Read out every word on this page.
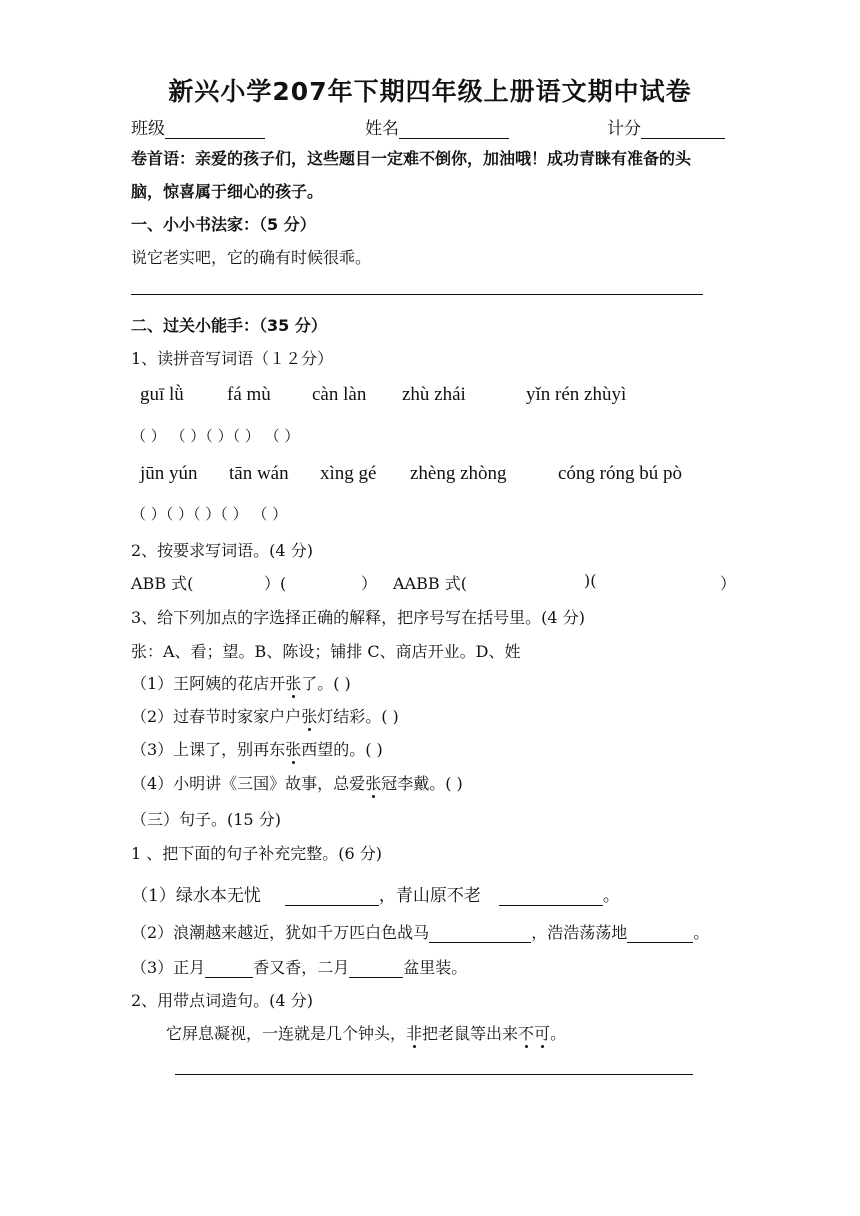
新兴小学207年下期四年级上册语文期中试卷
班级	姓名	计分
卷首语：亲爱的孩子们，这些题目一定难不倒你，加油哦！成功青睐有准备的头
脑，惊喜属于细心的孩子。
一、小小书法家：（5 分）
说它老实吧，它的确有时候很乖。
二、过关小能手：（35 分）
1、读拼音写词语（１２分）
guī lǜ fá mù càn làn zhù zhái	yǐn rén zhùyì
（ ） （ ）（ ）（ ） （ ）
jūn yún tān wán xìng gé zhèng zhòng	cóng róng bú pò
（ ）（ ）（ ）（ ） （ ）
2、按要求写词语。(4 分)
ABB 式(	）(	） AABB 式(	)(	）
3、给下列加点的字选择正确的解释，把序号写在括号里。(4 分)
张：A、看；望。B、陈设；铺排 C、商店开业。D、姓
（1）王阿姨的花店开张了。( )
（2）过春节时家家户户张灯结彩。( )
（3）上课了，别再东张西望的。( )
（4）小明讲《三国》故事，总爱张冠李戴。( )
（三）句子。(15 分)
1 、把下面的句子补充完整。(6 分)
（1）绿水本无忧	，青山原不老	。
（2）浪潮越来越近，犹如千万匹白色战马	，浩浩荡荡地	。
（3）正月	香又香，二月	盆里装。
2、用带点词造句。(4 分)
它屏息凝视，一连就是几个钟头，非把老鼠等出来不可。
